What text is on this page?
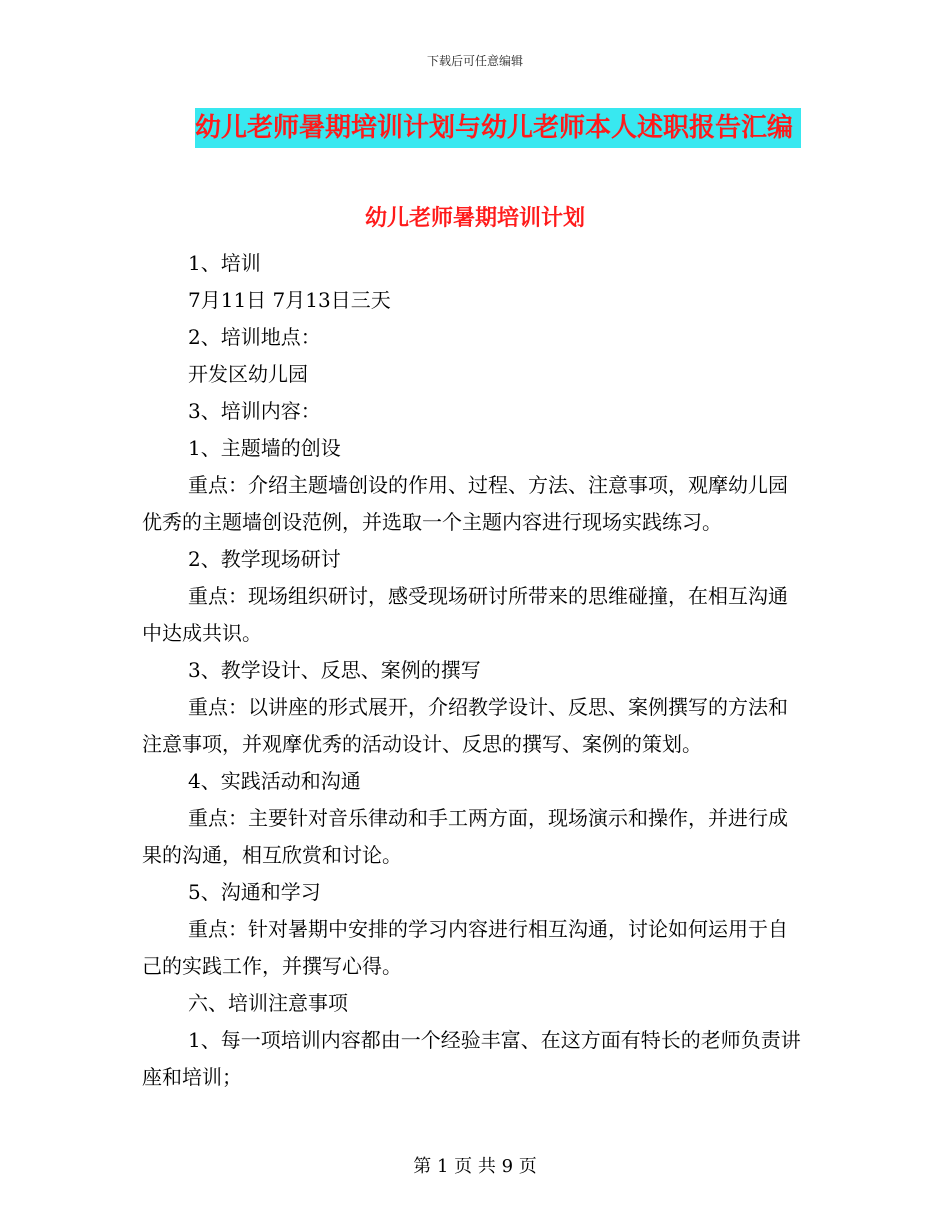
下载后可任意编辑
幼儿老师暑期培训计划与幼儿老师本人述职报告汇编
幼儿老师暑期培训计划

1、培训

7月11日 7月13日三天

2、培训地点：

开发区幼儿园

3、培训内容：

1、主题墙的创设

重点：介绍主题墙创设的作用、过程、方法、注意事项，观摩幼儿园优秀的主题墙创设范例，并选取一个主题内容进行现场实践练习。

2、教学现场研讨

重点：现场组织研讨，感受现场研讨所带来的思维碰撞，在相互沟通中达成共识。

3、教学设计、反思、案例的撰写

重点：以讲座的形式展开，介绍教学设计、反思、案例撰写的方法和注意事项，并观摩优秀的活动设计、反思的撰写、案例的策划。

4、实践活动和沟通

重点：主要针对音乐律动和手工两方面，现场演示和操作，并进行成果的沟通，相互欣赏和讨论。

5、沟通和学习

重点：针对暑期中安排的学习内容进行相互沟通，讨论如何运用于自己的实践工作，并撰写心得。

六、培训注意事项

1、每一项培训内容都由一个经验丰富、在这方面有特长的老师负责讲座和培训；

第 1 页 共 9 页
